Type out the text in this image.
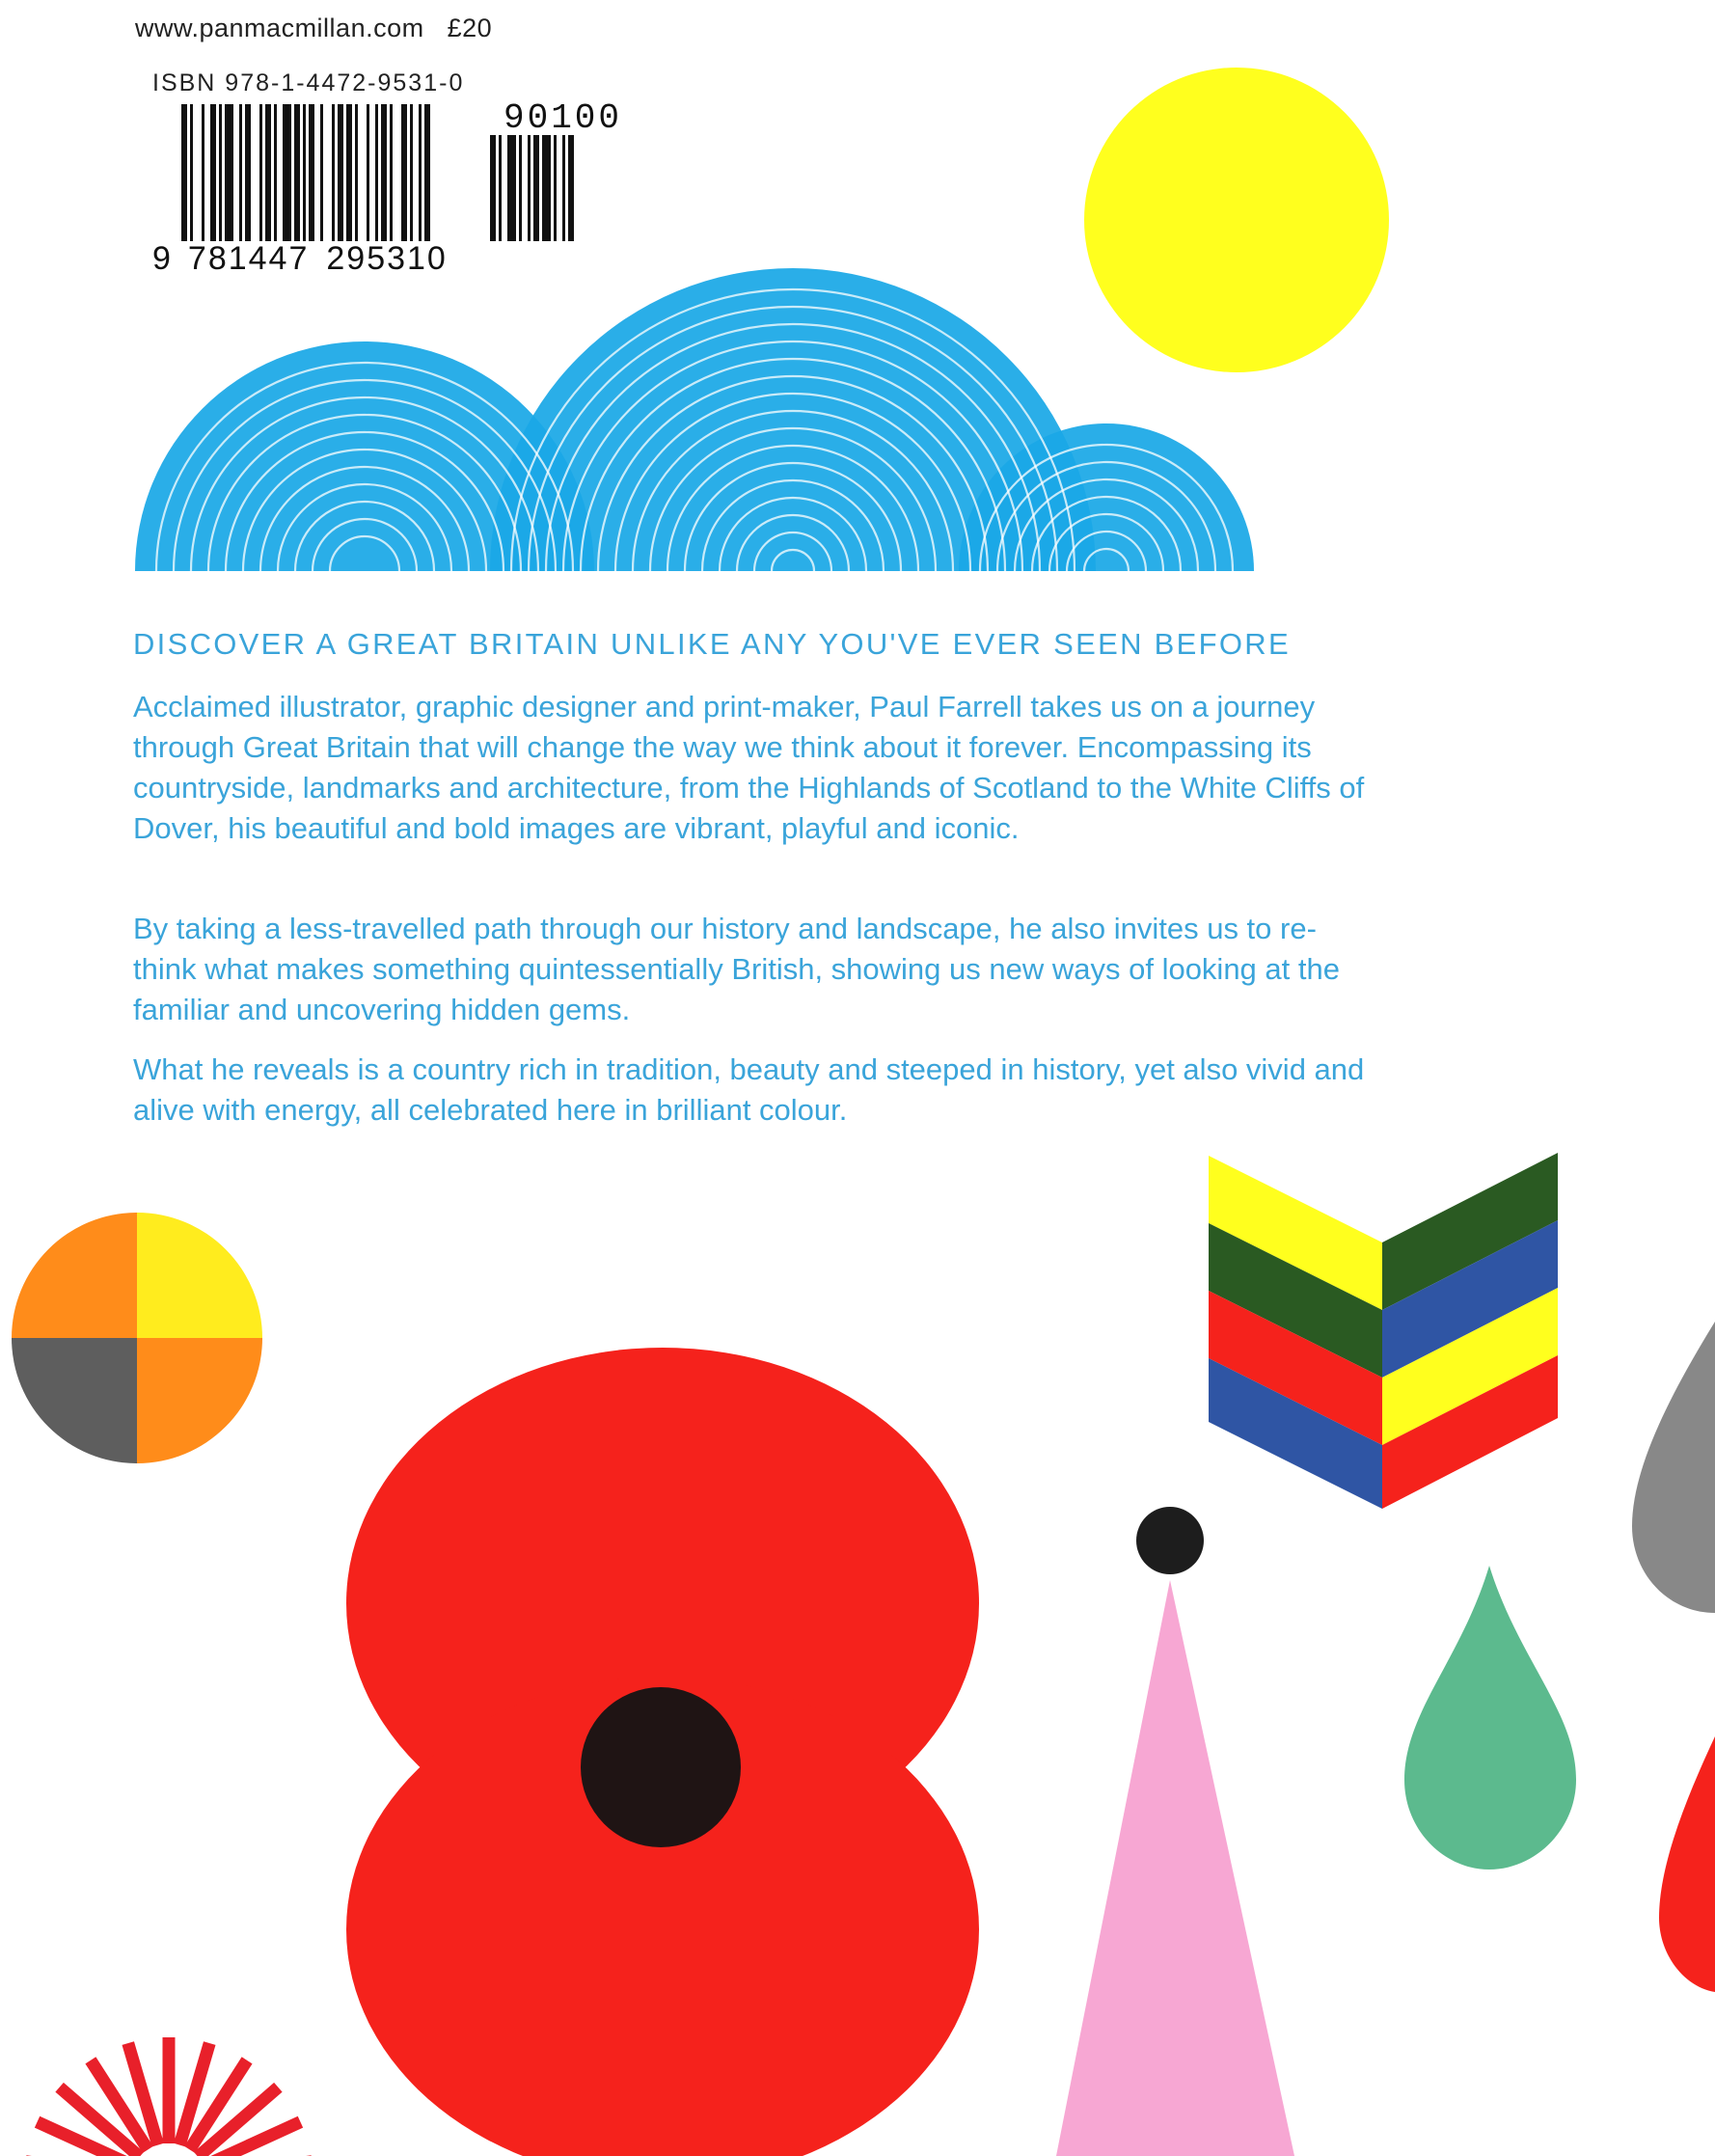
www.panmacmillan.com £20
ISBN 978-1-4472-9531-0
90100
9 781447 295310
DISCOVER A GREAT BRITAIN UNLIKE ANY YOU'VE EVER SEEN BEFORE

Acclaimed illustrator, graphic designer and print-maker, Paul Farrell takes us on a journey through Great Britain that will change the way we think about it forever. Encompassing its countryside, landmarks and architecture, from the Highlands of Scotland to the White Cliffs of Dover, his beautiful and bold images are vibrant, playful and iconic.

By taking a less-travelled path through our history and landscape, he also invites us to re-think what makes something quintessentially British, showing us new ways of looking at the familiar and uncovering hidden gems.

What he reveals is a country rich in tradition, beauty and steeped in history, yet also vivid and alive with energy, all celebrated here in brilliant colour.
